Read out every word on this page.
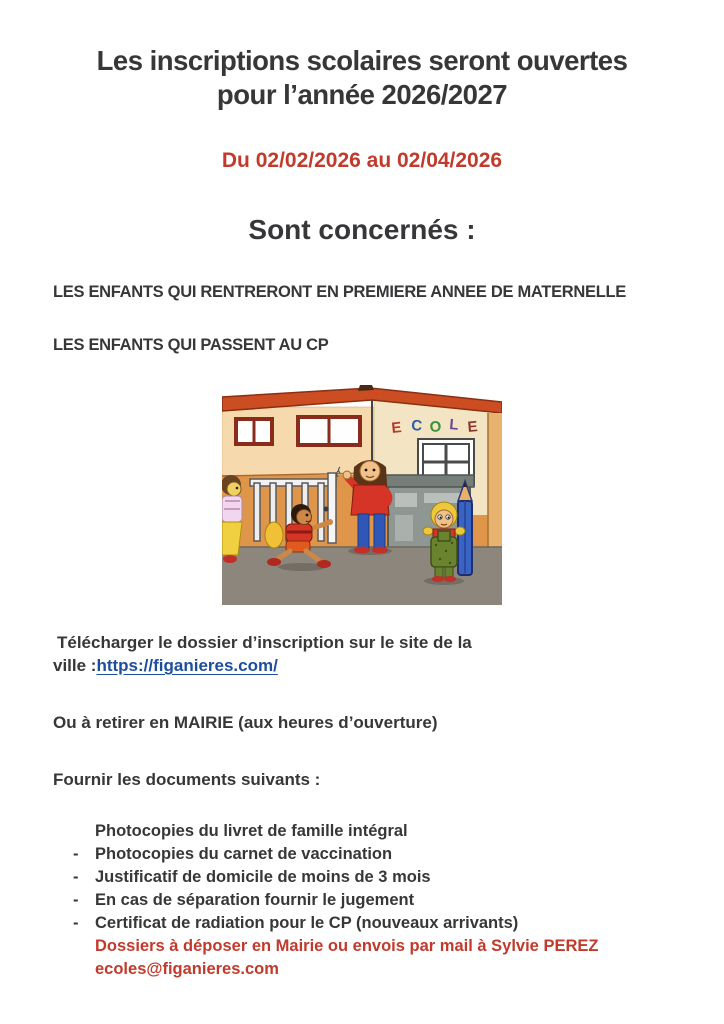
Les inscriptions scolaires seront ouvertes
pour l’année 2026/2027
Du 02/02/2026 au 02/04/2026
Sont concernés :
LES ENFANTS QUI RENTRERONT EN PREMIERE ANNEE DE MATERNELLE
LES ENFANTS QUI PASSENT AU CP
E C O L E

Télécharger le dossier d’inscription sur le site de la
ville :https://figanieres.com/

Ou à retirer en MAIRIE (aux heures d’ouverture)
Fournir les documents suivants :
Photocopies du livret de famille intégral
-	Photocopies du carnet de vaccination
-	Justificatif de domicile de moins de 3 mois
-	En cas de séparation fournir le jugement
-	Certificat de radiation pour le CP (nouveaux arrivants)
Dossiers à déposer en Mairie ou envois par mail à Sylvie PEREZ
ecoles@figanieres.com
